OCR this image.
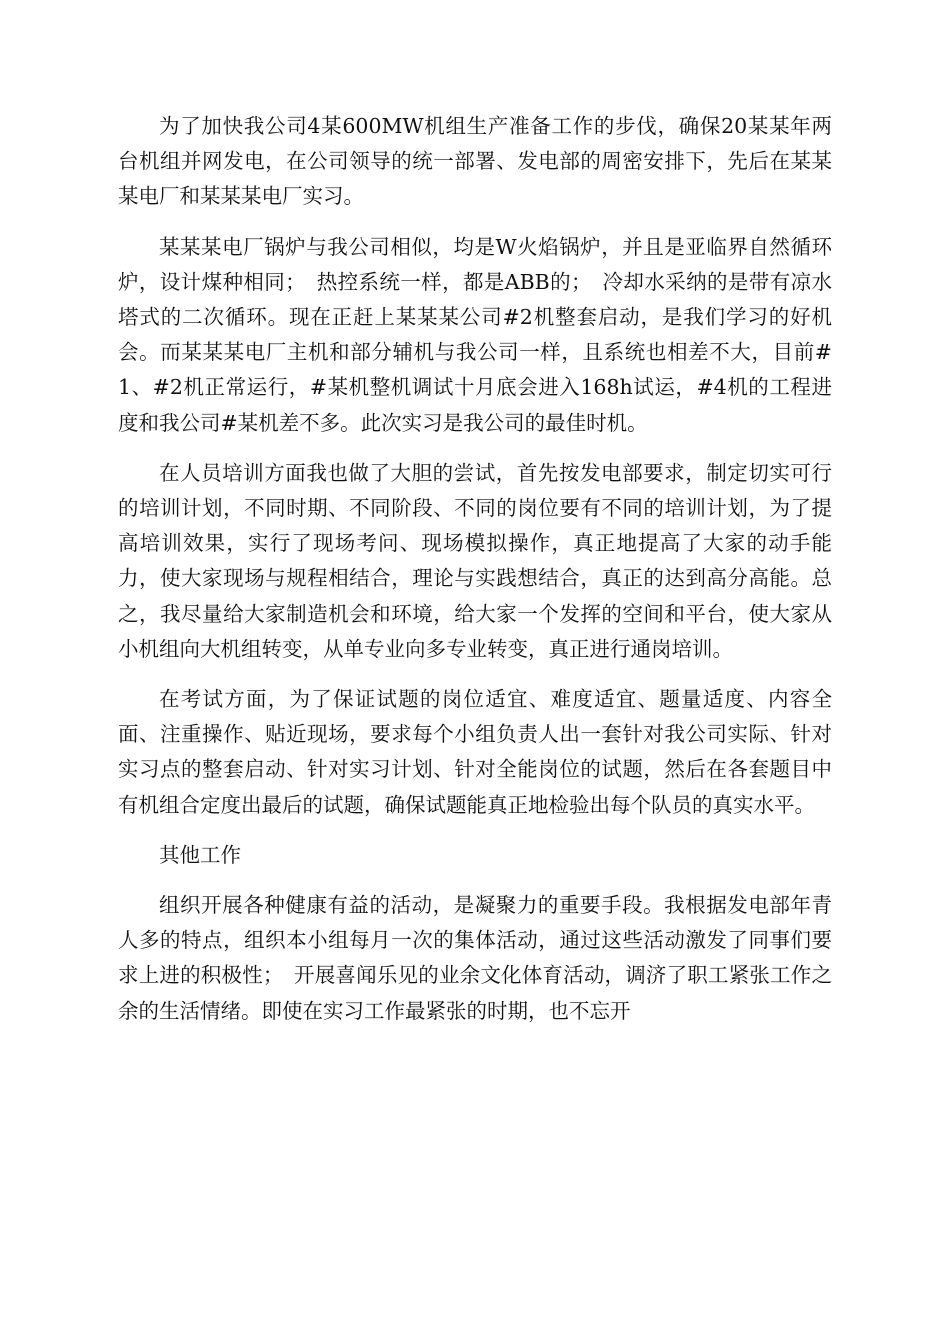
为了加快我公司4某600MW机组生产准备工作的步伐，确保20某某年两台机组并网发电，在公司领导的统一部署、发电部的周密安排下，先后在某某某电厂和某某某电厂实习。

某某某电厂锅炉与我公司相似，均是W火焰锅炉，并且是亚临界自然循环炉，设计煤种相同；　热控系统一样，都是ABB的；　冷却水采纳的是带有凉水塔式的二次循环。现在正赶上某某某公司#2机整套启动，是我们学习的好机会。而某某某电厂主机和部分辅机与我公司一样，且系统也相差不大，目前#1、#2机正常运行，#某机整机调试十月底会进入168h试运，#4机的工程进度和我公司#某机差不多。此次实习是我公司的最佳时机。

在人员培训方面我也做了大胆的尝试，首先按发电部要求，制定切实可行的培训计划，不同时期、不同阶段、不同的岗位要有不同的培训计划，为了提高培训效果，实行了现场考问、现场模拟操作，真正地提高了大家的动手能力，使大家现场与规程相结合，理论与实践想结合，真正的达到高分高能。总之，我尽量给大家制造机会和环境，给大家一个发挥的空间和平台，使大家从小机组向大机组转变，从单专业向多专业转变，真正进行通岗培训。

在考试方面，为了保证试题的岗位适宜、难度适宜、题量适度、内容全面、注重操作、贴近现场，要求每个小组负责人出一套针对我公司实际、针对实习点的整套启动、针对实习计划、针对全能岗位的试题，然后在各套题目中有机组合定度出最后的试题，确保试题能真正地检验出每个队员的真实水平。

其他工作

组织开展各种健康有益的活动，是凝聚力的重要手段。我根据发电部年青人多的特点，组织本小组每月一次的集体活动，通过这些活动激发了同事们要求上进的积极性；　开展喜闻乐见的业余文化体育活动，调济了职工紧张工作之余的生活情绪。即使在实习工作最紧张的时期，也不忘开
